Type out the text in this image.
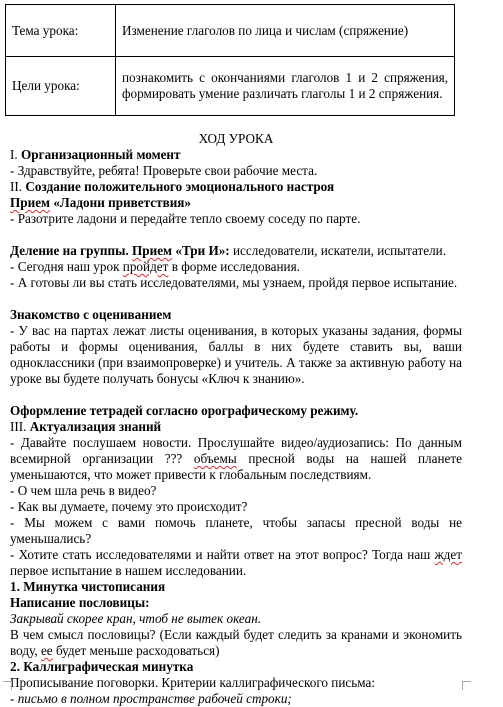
Тема урока:	Изменение глаголов по лица и числам (спряжение)
Цели урока:	познакомить с окончаниями глаголов 1 и 2 спряжения, формировать умение различать глаголы 1 и 2 спряжения.
ХОД УРОКА
I. Организационный момент
- Здравствуйте, ребята! Проверьте свои рабочие места.
II. Создание положительного эмоционального настроя
Прием «Ладони приветствия»
- Разотрите ладони и передайте тепло своему соседу по парте.
Деление на группы. Прием «Три И»: исследователи, искатели, испытатели.
- Сегодня наш урок пройдет в форме исследования.
- А готовы ли вы стать исследователями, мы узнаем, пройдя первое испытание.
Знакомство с оцениванием
- У вас на партах лежат листы оценивания, в которых указаны задания, формы
работы и формы оценивания, баллы в них будете ставить вы, ваши
одноклассники (при взаимопроверке) и учитель. А также за активную работу на
уроке вы будете получать бонусы «Ключ к знанию».
Оформление тетрадей согласно орографическому режиму.
III. Актуализация знаний
- Давайте послушаем новости. Прослушайте видео/аудиозапись: По данным
всемирной организации ??? объемы пресной воды на нашей планете
уменьшаются, что может привести к глобальным последствиям.
- О чем шла речь в видео?
- Как вы думаете, почему это происходит?
- Мы можем с вами помочь планете, чтобы запасы пресной воды не
уменьшались?
- Хотите стать исследователями и найти ответ на этот вопрос? Тогда наш ждет
первое испытание в нашем исследовании.
1. Минутка чистописания
Написание пословицы:
Закрывай скорее кран, чтоб не вытек океан.
В чем смысл пословицы? (Если каждый будет следить за кранами и экономить
воду, ее будет меньше расходоваться)
2. Каллиграфическая минутка
Прописывание поговорки. Критерии каллиграфического письма:
- письмо в полном пространстве рабочей строки;
